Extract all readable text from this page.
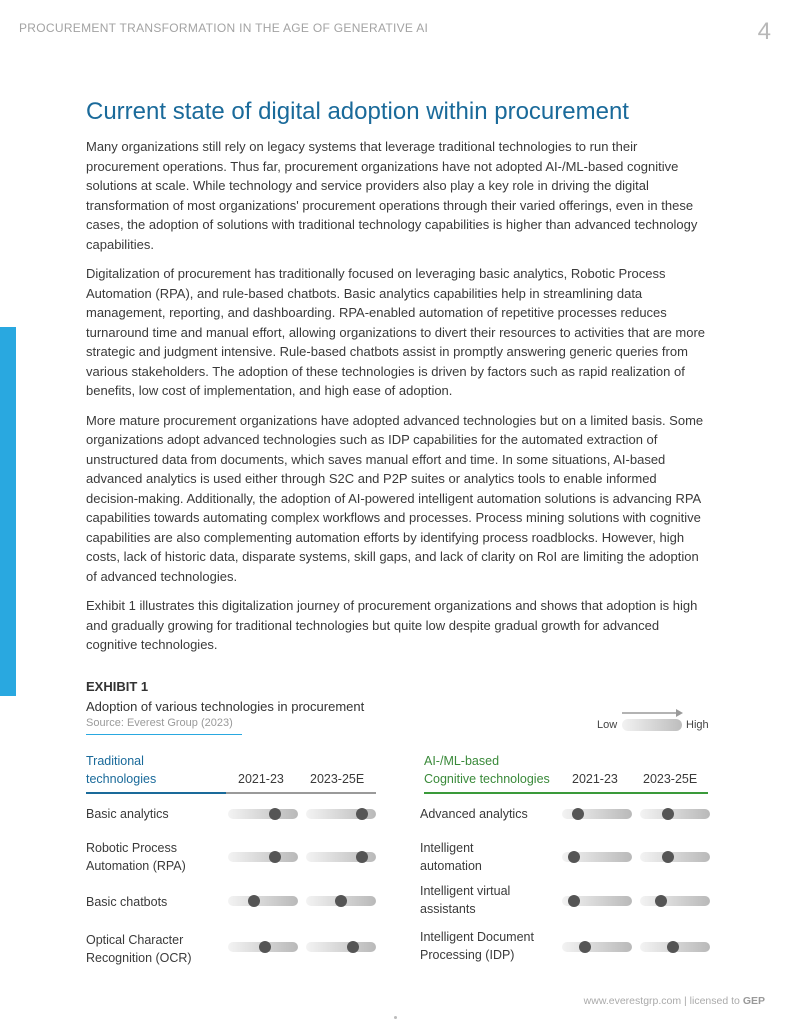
PROCUREMENT TRANSFORMATION IN THE AGE OF GENERATIVE AI	4
Current state of digital adoption within procurement

Many organizations still rely on legacy systems that leverage traditional technologies to run their procurement operations. Thus far, procurement organizations have not adopted AI-/ML-based cognitive solutions at scale. While technology and service providers also play a key role in driving the digital transformation of most organizations' procurement operations through their varied offerings, even in these cases, the adoption of solutions with traditional technology capabilities is higher than advanced technology capabilities.

Digitalization of procurement has traditionally focused on leveraging basic analytics, Robotic Process Automation (RPA), and rule-based chatbots. Basic analytics capabilities help in streamlining data management, reporting, and dashboarding. RPA-enabled automation of repetitive processes reduces turnaround time and manual effort, allowing organizations to divert their resources to activities that are more strategic and judgment intensive. Rule-based chatbots assist in promptly answering generic queries from various stakeholders. The adoption of these technologies is driven by factors such as rapid realization of benefits, low cost of implementation, and high ease of adoption.

More mature procurement organizations have adopted advanced technologies but on a limited basis. Some organizations adopt advanced technologies such as IDP capabilities for the automated extraction of unstructured data from documents, which saves manual effort and time. In some situations, AI-based advanced analytics is used either through S2C and P2P suites or analytics tools to enable informed decision-making. Additionally, the adoption of AI-powered intelligent automation solutions is advancing RPA capabilities towards automating complex workflows and processes. Process mining solutions with cognitive capabilities are also complementing automation efforts by identifying process roadblocks. However, high costs, lack of historic data, disparate systems, skill gaps, and lack of clarity on RoI are limiting the adoption of advanced technologies.

Exhibit 1 illustrates this digitalization journey of procurement organizations and shows that adoption is high and gradually growing for traditional technologies but quite low despite gradual growth for advanced cognitive technologies.

EXHIBIT 1
Adoption of various technologies in procurement
Source: Everest Group (2023)	Low	High
Traditional
technologies	2021-23 2023-25E
AI-/ML-based
Cognitive technologies 2021-23 2023-25E
Basic analytics
Robotic Process
Automation (RPA)
Basic chatbots
Optical Character
Recognition (OCR)
Advanced analytics
Intelligent
automation
Intelligent virtual
assistants
Intelligent Document
Processing (IDP)
www.everestgrp.com | licensed to GEP
